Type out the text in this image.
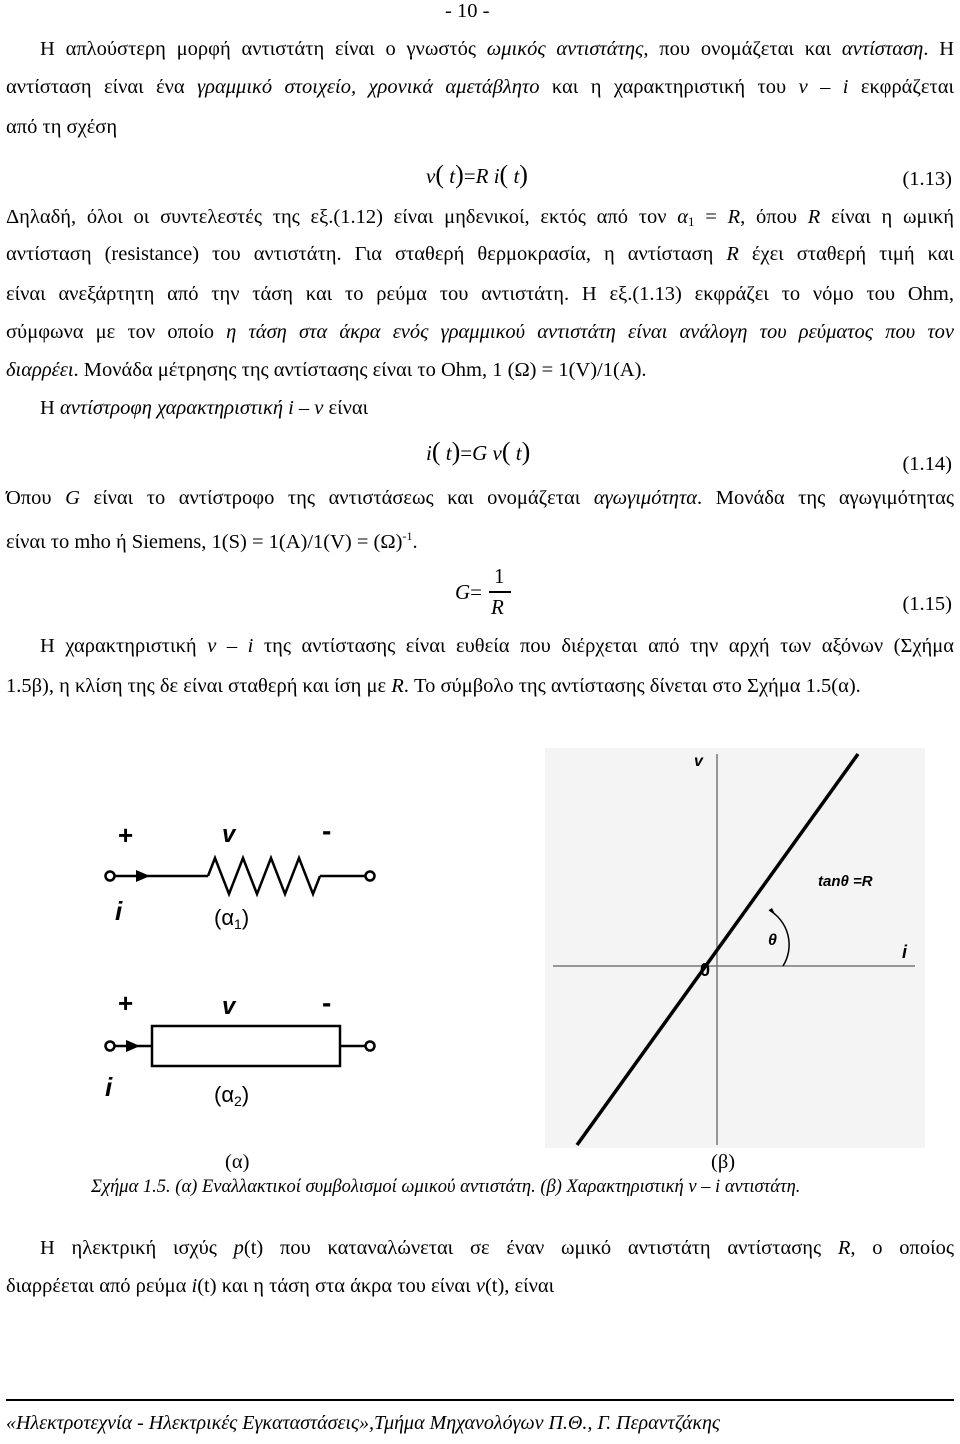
- 10 -
Η απλούστερη μορφή αντιστάτη είναι ο γνωστός ωμικός αντιστάτης, που ονομάζεται και αντίσταση. Η
αντίσταση είναι ένα γραμμικό στοιχείο, χρονικά αμετάβλητο και η χαρακτηριστική του v – i εκφράζεται
από τη σχέση
v( t)=R i( t)	(1.13)
Δηλαδή, όλοι οι συντελεστές της εξ.(1.12) είναι μηδενικοί, εκτός από τον $\alpha_1 = R$, όπου R είναι η ωμική
αντίσταση (resistance) του αντιστάτη. Για σταθερή θερμοκρασία, η αντίσταση R έχει σταθερή τιμή και
είναι ανεξάρτητη από την τάση και το ρεύμα του αντιστάτη. Η εξ.(1.13) εκφράζει το νόμο του Ohm,
σύμφωνα με τον οποίο η τάση στα άκρα ενός γραμμικού αντιστάτη είναι ανάλογη του ρεύματος που τον
διαρρέει. Μονάδα μέτρησης της αντίστασης είναι το Ohm, 1 (Ω) = 1(V)/1(A).
Η αντίστροφη χαρακτηριστική i – v είναι
i( t)=G v( t)	(1.14)
Όπου G είναι το αντίστροφο της αντιστάσεως και ονομάζεται αγωγιμότητα. Μονάδα της αγωγιμότητας
είναι το mho ή Siemens, $1(S) = 1(A)/1(V) = (\Omega)^{-1}$.
G=
1
R	(1.15)
Η χαρακτηριστική v – i της αντίστασης είναι ευθεία που διέρχεται από την αρχή των αξόνων (Σχήμα
1.5β), η κλίση της δε είναι σταθερή και ίση με R. Το σύμβολο της αντίστασης δίνεται στο Σχήμα 1.5(α).
+	v	-
i	(α1)
+	v	-
i	(α2)
v
i
0
θ
tanθ =R
(α)	(β)
Σχήμα 1.5. (α) Εναλλακτικοί συμβολισμοί ωμικού αντιστάτη. (β) Χαρακτηριστική v – i αντιστάτη.
Η ηλεκτρική ισχύς p(t) που καταναλώνεται σε έναν ωμικό αντιστάτη αντίστασης R, ο οποίος
διαρρέεται από ρεύμα i(t) και η τάση στα άκρα του είναι v(t), είναι
«Ηλεκτροτεχνία - Ηλεκτρικές Εγκαταστάσεις»,Τμήμα Μηχανολόγων Π.Θ., Γ. Περαντζάκης
